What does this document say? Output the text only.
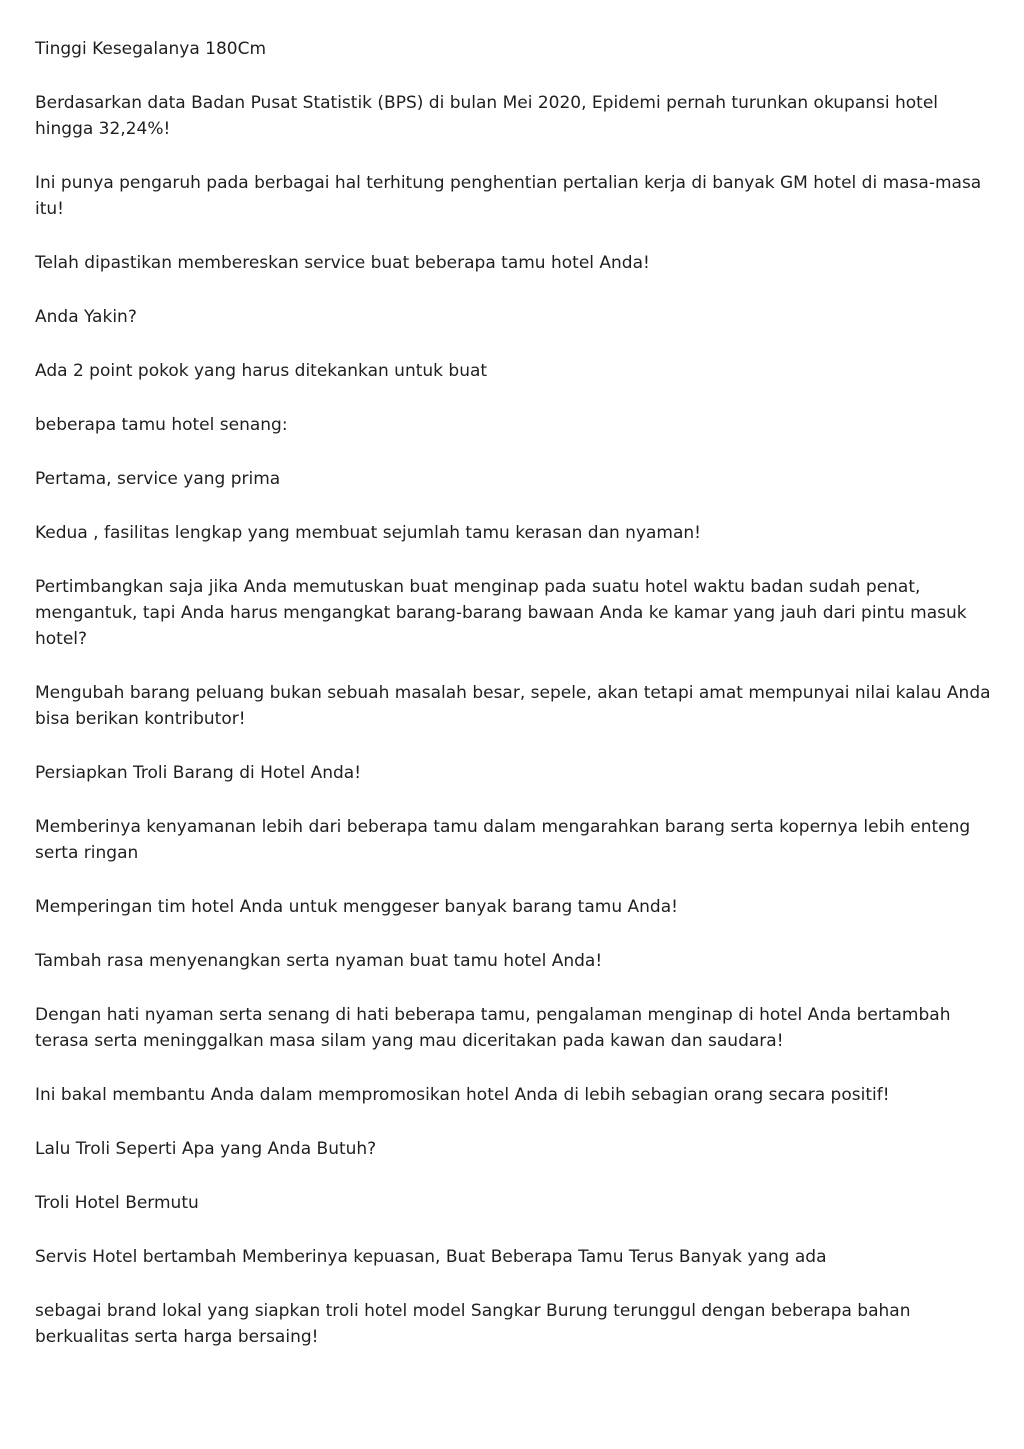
Tinggi Kesegalanya 180Cm

Berdasarkan data Badan Pusat Statistik (BPS) di bulan Mei 2020, Epidemi pernah turunkan okupansi hotel hingga 32,24%!

Ini punya pengaruh pada berbagai hal terhitung penghentian pertalian kerja di banyak GM hotel di masa-masa itu!

Telah dipastikan membereskan service buat beberapa tamu hotel Anda!

Anda Yakin?

Ada 2 point pokok yang harus ditekankan untuk buat

beberapa tamu hotel senang:

Pertama, service yang prima

Kedua , fasilitas lengkap yang membuat sejumlah tamu kerasan dan nyaman!

Pertimbangkan saja jika Anda memutuskan buat menginap pada suatu hotel waktu badan sudah penat, mengantuk, tapi Anda harus mengangkat barang-barang bawaan Anda ke kamar yang jauh dari pintu masuk hotel?

Mengubah barang peluang bukan sebuah masalah besar, sepele, akan tetapi amat mempunyai nilai kalau Anda bisa berikan kontributor!

Persiapkan Troli Barang di Hotel Anda!

Memberinya kenyamanan lebih dari beberapa tamu dalam mengarahkan barang serta kopernya lebih enteng serta ringan

Memperingan tim hotel Anda untuk menggeser banyak barang tamu Anda!

Tambah rasa menyenangkan serta nyaman buat tamu hotel Anda!

Dengan hati nyaman serta senang di hati beberapa tamu, pengalaman menginap di hotel Anda bertambah terasa serta meninggalkan masa silam yang mau diceritakan pada kawan dan saudara!

Ini bakal membantu Anda dalam mempromosikan hotel Anda di lebih sebagian orang secara positif!

Lalu Troli Seperti Apa yang Anda Butuh?

Troli Hotel Bermutu

Servis Hotel bertambah Memberinya kepuasan, Buat Beberapa Tamu Terus Banyak yang ada

sebagai brand lokal yang siapkan troli hotel model Sangkar Burung terunggul dengan beberapa bahan berkualitas serta harga bersaing!
